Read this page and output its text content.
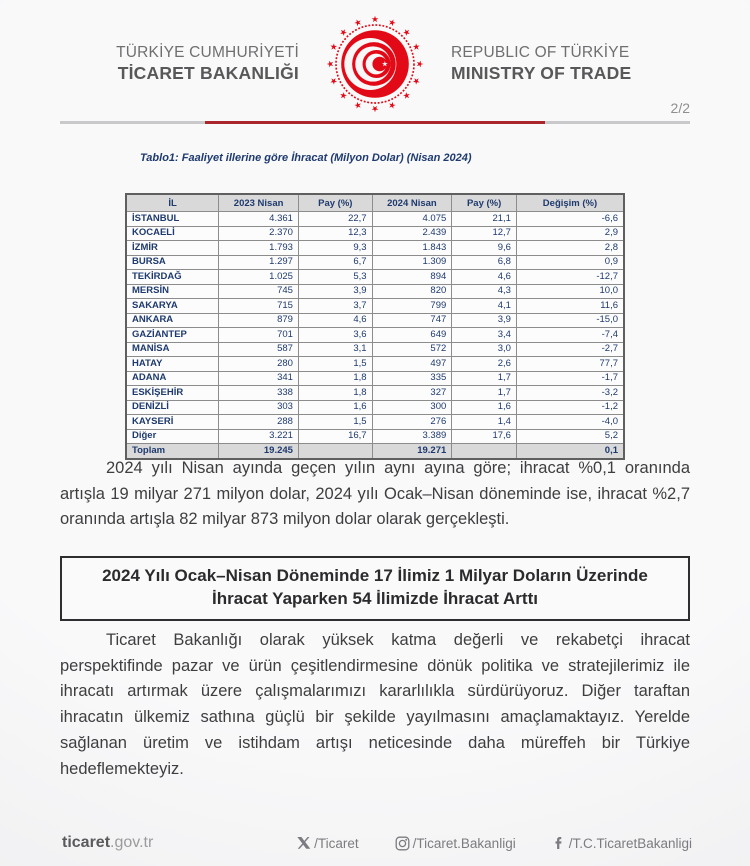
TÜRKİYE CUMHURİYETİ
TİCARET BAKANLIĞI
REPUBLIC OF TÜRKİYE
MINISTRY OF TRADE
2/2
Tablo1: Faaliyet illerine göre İhracat (Milyon Dolar) (Nisan 2024)
İL	2023 Nisan	Pay (%)	2024 Nisan	Pay (%)	Değişim (%)
İSTANBUL	4.361	22,7	4.075	21,1	-6,6
KOCAELİ	2.370	12,3	2.439	12,7	2,9
İZMİR	1.793	9,3	1.843	9,6	2,8
BURSA	1.297	6,7	1.309	6,8	0,9
TEKİRDAĞ	1.025	5,3	894	4,6	-12,7
MERSİN	745	3,9	820	4,3	10,0
SAKARYA	715	3,7	799	4,1	11,6
ANKARA	879	4,6	747	3,9	-15,0
GAZİANTEP	701	3,6	649	3,4	-7,4
MANİSA	587	3,1	572	3,0	-2,7
HATAY	280	1,5	497	2,6	77,7
ADANA	341	1,8	335	1,7	-1,7
ESKİŞEHİR	338	1,8	327	1,7	-3,2
DENİZLİ	303	1,6	300	1,6	-1,2
KAYSERİ	288	1,5	276	1,4	-4,0
Diğer	3.221	16,7	3.389	17,6	5,2
Toplam	19.245		19.271		0,1

2024 yılı Nisan ayında geçen yılın aynı ayına göre; ihracat %0,1 oranında artışla 19 milyar 271 milyon dolar, 2024 yılı Ocak–Nisan döneminde ise, ihracat %2,7 oranında artışla 82 milyar 873 milyon dolar olarak gerçekleşti.

2024 Yılı Ocak–Nisan Döneminde 17 İlimiz 1 Milyar Doların Üzerinde İhracat Yaparken 54 İlimizde İhracat Arttı

Ticaret Bakanlığı olarak yüksek katma değerli ve rekabetçi ihracat perspektifinde pazar ve ürün çeşitlendirmesine dönük politika ve stratejilerimiz ile ihracatı artırmak üzere çalışmalarımızı kararlılıkla sürdürüyoruz. Diğer taraftan ihracatın ülkemiz sathına güçlü bir şekilde yayılmasını amaçlamaktayız. Yerelde sağlanan üretim ve istihdam artışı neticesinde daha müreffeh bir Türkiye hedeflemekteyiz.

ticaret.gov.tr	/Ticaret	/Ticaret.Bakanligi	/T.C.TicaretBakanligi
